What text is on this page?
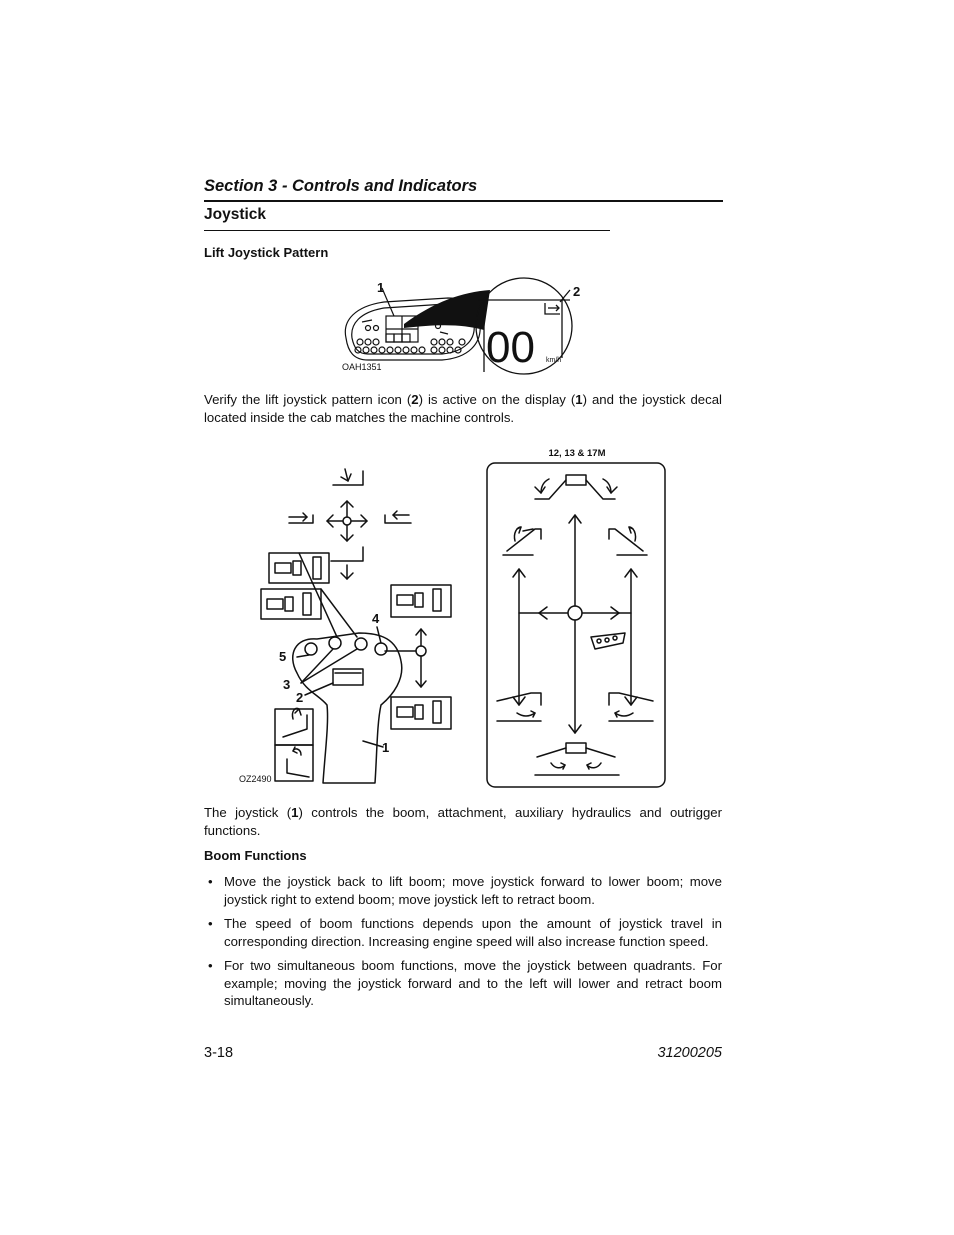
Section 3 - Controls and Indicators
Joystick
Lift Joystick Pattern
00 km/h
1	2
OAH1351
Verify the lift joystick pattern icon (2) is active on the display (1) and the joystick decal located inside the cab matches the machine controls.
12, 13 & 17M
4
5
3
2
1
OZ2490
The joystick (1) controls the boom, attachment, auxiliary hydraulics and outrigger functions.
Boom Functions
• Move the joystick back to lift boom; move joystick forward to lower boom; move joystick right to extend boom; move joystick left to retract boom.
• The speed of boom functions depends upon the amount of joystick travel in corresponding direction. Increasing engine speed will also increase function speed.
• For two simultaneous boom functions, move the joystick between quadrants. For example; moving the joystick forward and to the left will lower and retract boom simultaneously.
3-18	31200205
